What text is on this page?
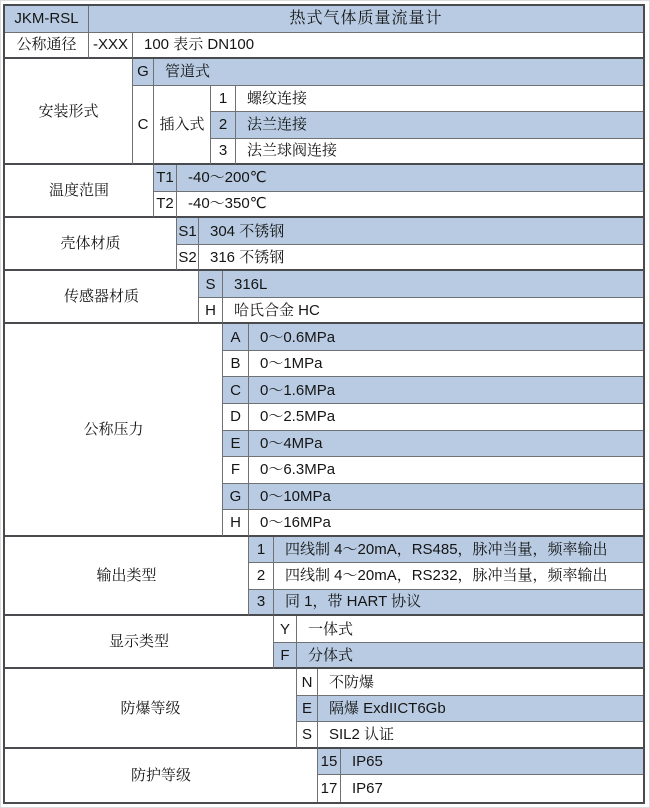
JKM-RSL	热式气体质量流量计
公称通径	-XXX	100 表示 DN100
安装形式
G	管道式
C 插入式
1	螺纹连接
2	法兰连接
3	法兰球阀连接
温度范围
T1 -40～200℃
T2 -40～350℃
壳体材质
S1 304 不锈钢
S2 316 不锈钢
传感器材质
S	316L
H	哈氏合金 HC
公称压力
A	0～0.6MPa
B	0～1MPa
C	0～1.6MPa
D	0～2.5MPa
E	0～4MPa
F	0～6.3MPa
G	0～10MPa
H	0～16MPa
输出类型
1	四线制 4～20mA，RS485，脉冲当量，频率输出
2	四线制 4～20mA，RS232，脉冲当量，频率输出
3	同 1，带 HART 协议
显示类型
Y	一体式
F	分体式
防爆等级
N	不防爆
E	隔爆 ExdIICT6Gb
S	SIL2 认证
防护等级
15 IP65
17 IP67
